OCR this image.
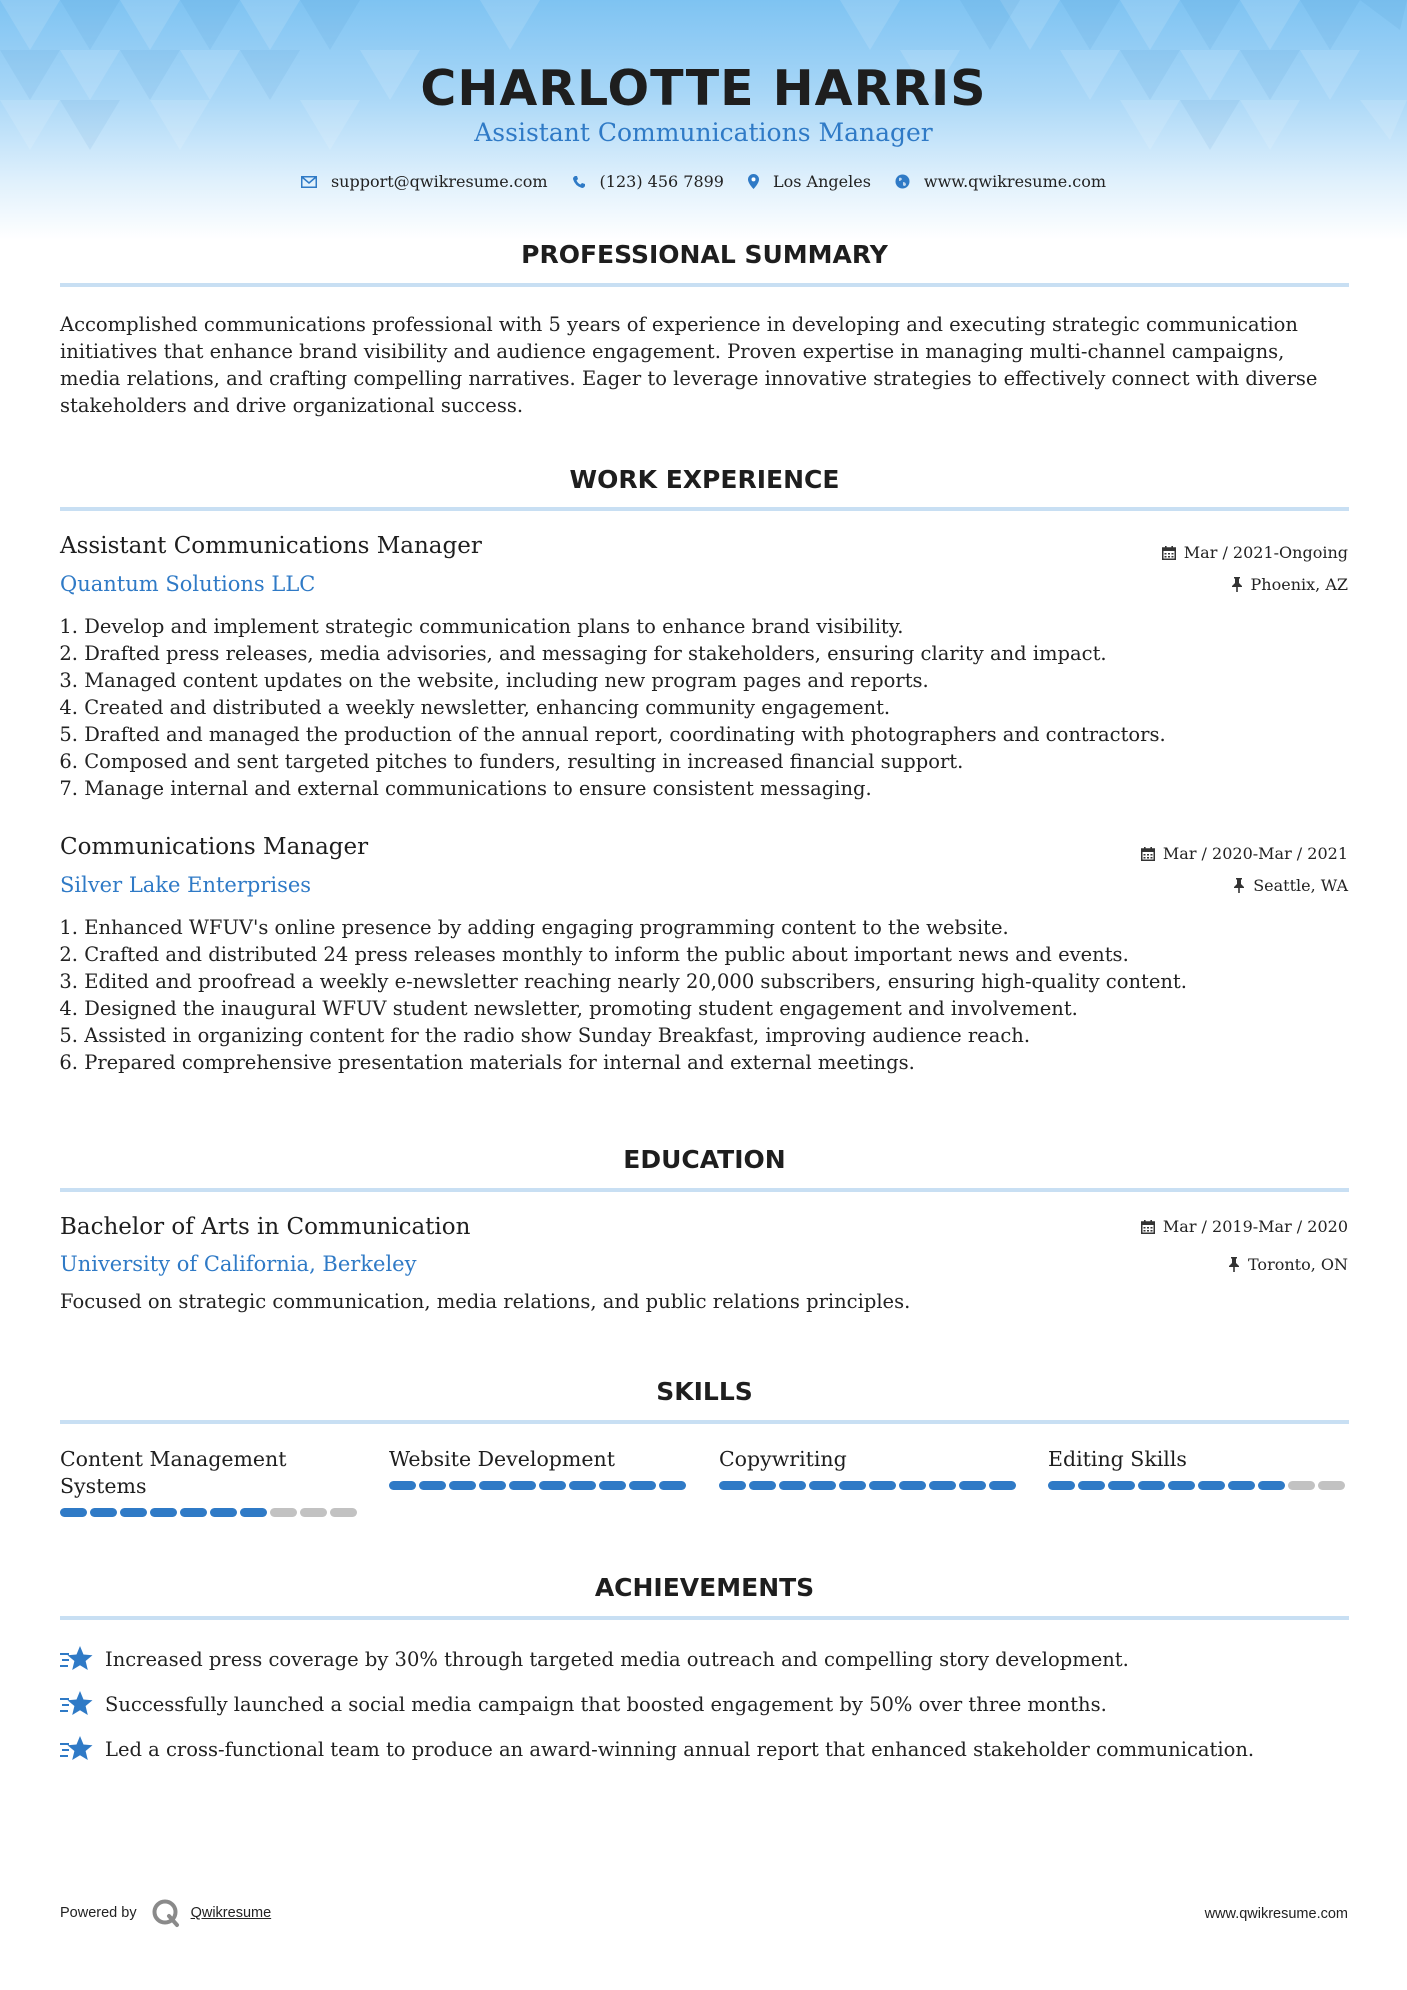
CHARLOTTE HARRIS
Assistant Communications Manager
support@qwikresume.com	(123) 456 7899	Los Angeles	www.qwikresume.com
PROFESSIONAL SUMMARY
Accomplished communications professional with 5 years of experience in developing and executing strategic communication initiatives that enhance brand visibility and audience engagement. Proven expertise in managing multi-channel campaigns, media relations, and crafting compelling narratives. Eager to leverage innovative strategies to effectively connect with diverse stakeholders and drive organizational success.
WORK EXPERIENCE
Assistant Communications Manager
Quantum Solutions LLC
Mar / 2021-Ongoing
Phoenix, AZ
1.
Develop and implement strategic communication plans to enhance brand visibility.
2.
Drafted press releases, media advisories, and messaging for stakeholders, ensuring clarity and impact.
3.
Managed content updates on the website, including new program pages and reports.
4.
Created and distributed a weekly newsletter, enhancing community engagement.
5.
Drafted and managed the production of the annual report, coordinating with photographers and contractors.
6.
Composed and sent targeted pitches to funders, resulting in increased financial support.
7.
Manage internal and external communications to ensure consistent messaging.
Communications Manager
Silver Lake Enterprises
Mar / 2020-Mar / 2021
Seattle, WA
1.
Enhanced WFUV's online presence by adding engaging programming content to the website.
2.
Crafted and distributed 24 press releases monthly to inform the public about important news and events.
3.
Edited and proofread a weekly e-newsletter reaching nearly 20,000 subscribers, ensuring high-quality content.
4.
Designed the inaugural WFUV student newsletter, promoting student engagement and involvement.
5.
Assisted in organizing content for the radio show Sunday Breakfast, improving audience reach.
6.
Prepared comprehensive presentation materials for internal and external meetings.
EDUCATION
Bachelor of Arts in Communication
University of California, Berkeley
Mar / 2019-Mar / 2020
Toronto, ON
Focused on strategic communication, media relations, and public relations principles.
SKILLS
Content Management Systems
Website Development	Copywriting	Editing Skills
ACHIEVEMENTS
Increased press coverage by 30% through targeted media outreach and compelling story development.
Successfully launched a social media campaign that boosted engagement by 50% over three months.
Led a cross-functional team to produce an award-winning annual report that enhanced stakeholder communication.
Powered by	Qwikresume	www.qwikresume.com
